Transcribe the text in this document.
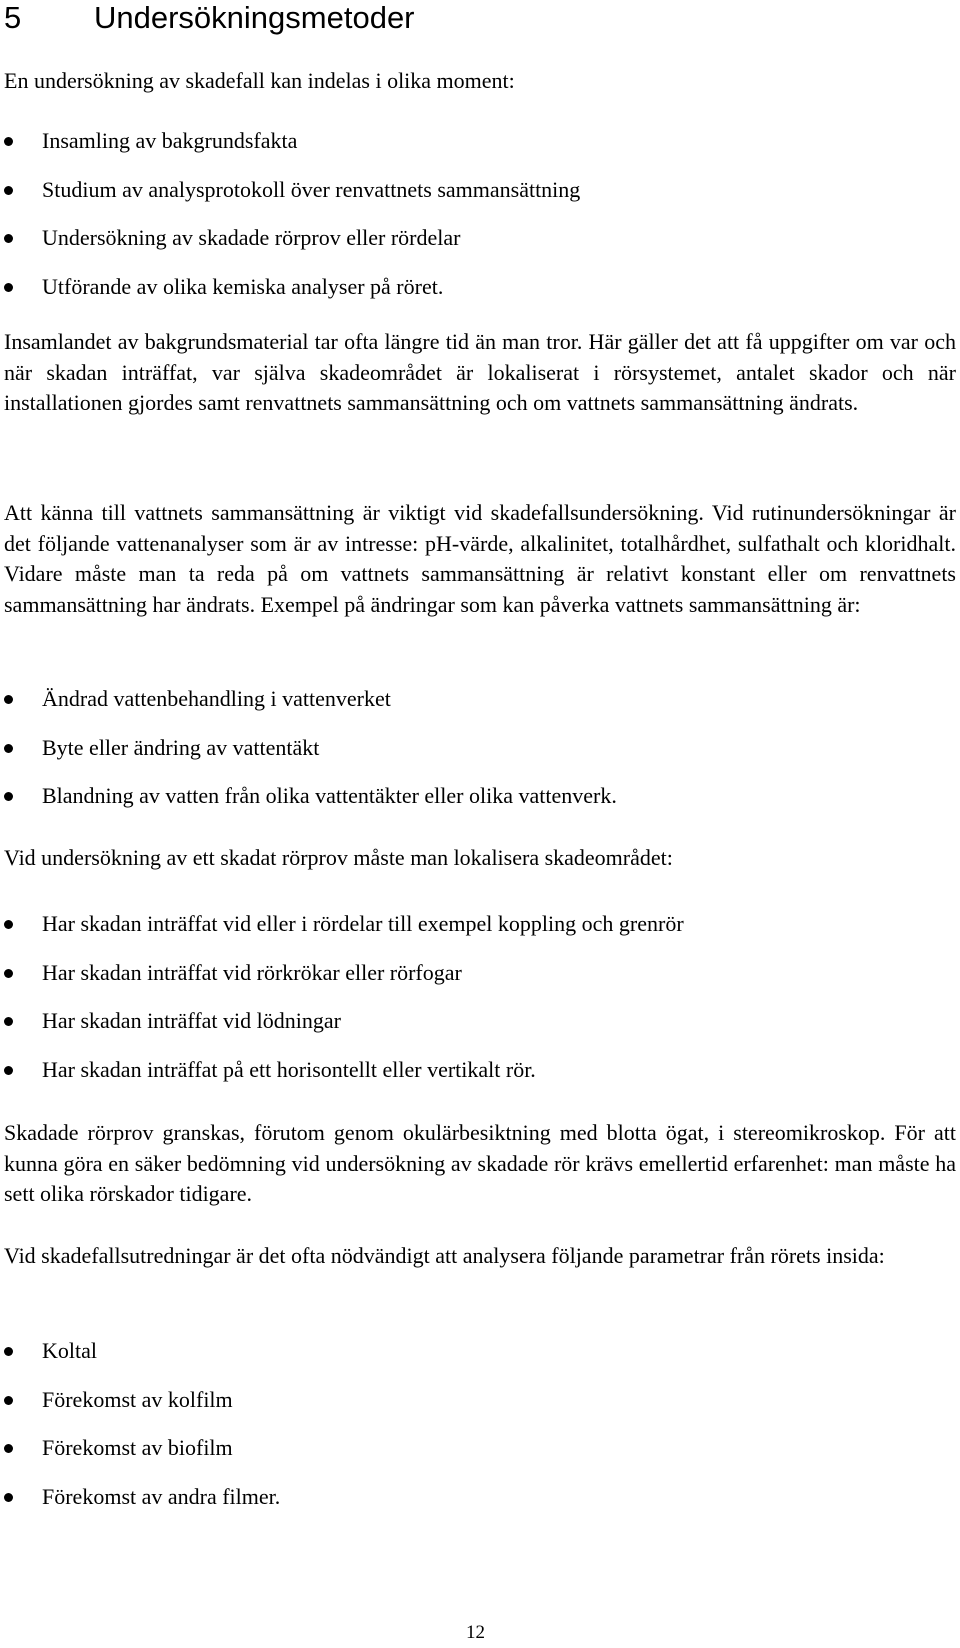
5 Undersökningsmetoder

En undersökning av skadefall kan indelas i olika moment:

Insamling av bakgrundsfakta
Studium av analysprotokoll över renvattnets sammansättning
Undersökning av skadade rörprov eller rördelar
Utförande av olika kemiska analyser på röret.

Insamlandet av bakgrundsmaterial tar ofta längre tid än man tror. Här gäller det att få uppgifter om var och när skadan inträffat, var själva skadeområdet är lokaliserat i rörsystemet, antalet skador och när installationen gjordes samt renvattnets sammansättning och om vattnets sammansättning ändrats.

Att känna till vattnets sammansättning är viktigt vid skadefallsundersökning. Vid rutinundersökningar är det följande vattenanalyser som är av intresse: pH-värde, alkalinitet, totalhårdhet, sulfathalt och kloridhalt. Vidare måste man ta reda på om vattnets sammansättning är relativt konstant eller om renvattnets sammansättning har ändrats. Exempel på ändringar som kan påverka vattnets sammansättning är:

Ändrad vattenbehandling i vattenverket
Byte eller ändring av vattentäkt
Blandning av vatten från olika vattentäkter eller olika vattenverk.

Vid undersökning av ett skadat rörprov måste man lokalisera skadeområdet:

Har skadan inträffat vid eller i rördelar till exempel koppling och grenrör
Har skadan inträffat vid rörkrökar eller rörfogar
Har skadan inträffat vid lödningar
Har skadan inträffat på ett horisontellt eller vertikalt rör.

Skadade rörprov granskas, förutom genom okulärbesiktning med blotta ögat, i stereomikroskop. För att kunna göra en säker bedömning vid undersökning av skadade rör krävs emellertid erfarenhet: man måste ha sett olika rörskador tidigare.

Vid skadefallsutredningar är det ofta nödvändigt att analysera följande parametrar från rörets insida:

Koltal
Förekomst av kolfilm
Förekomst av biofilm
Förekomst av andra filmer.
12
